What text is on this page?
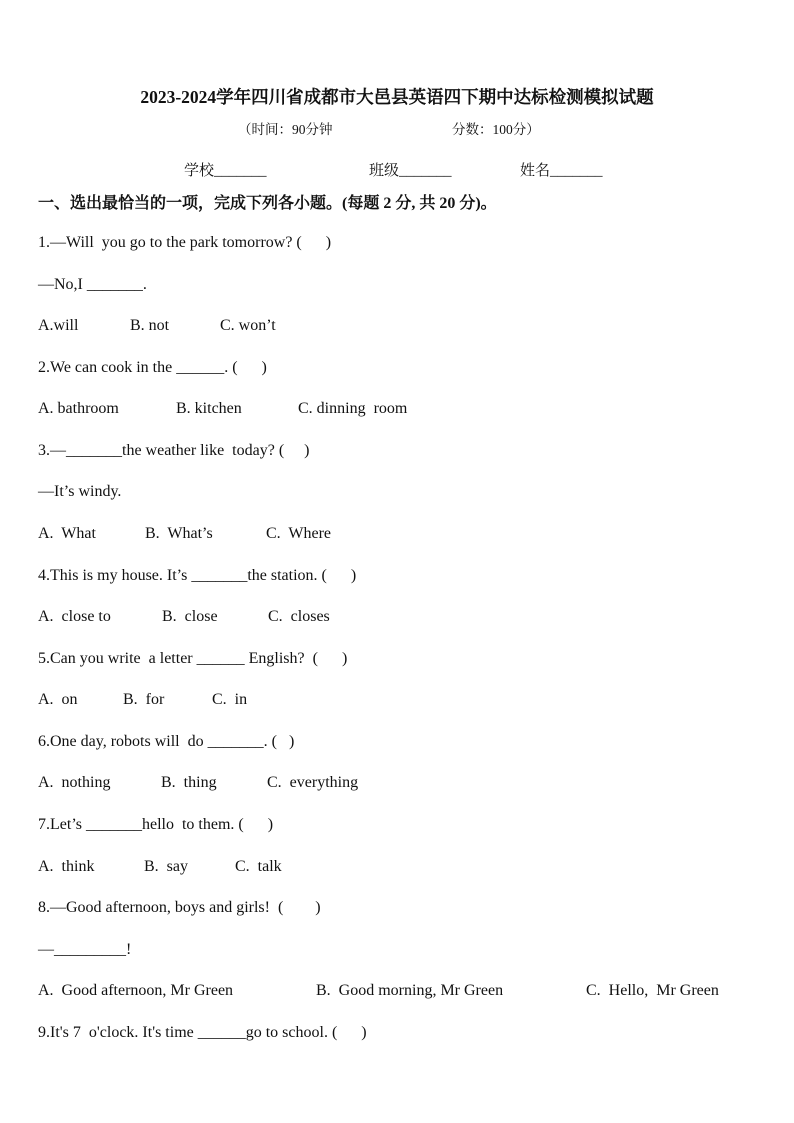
2023-2024学年四川省成都市大邑县英语四下期中达标检测模拟试题
（时间：90分钟	分数：100分）
学校_______	班级_______	姓名_______
一、选出最恰当的一项，完成下列各小题。(每题 2 分, 共 20 分)。
1.—Will  you go to the park tomorrow? (      )
—No,I _______.
A.will	B. not	C. won’t
2.We can cook in the ______. (      )
A. bathroom	B. kitchen	C. dinning  room
3.—_______the weather like  today? (     )
—It’s windy.
A.  What	B.  What’s	C.  Where
4.This is my house. It’s _______the station. (      )
A.  close to	B.  close	C.  closes
5.Can you write  a letter ______ English?  (      )
A.  on	B.  for	C.  in
6.One day, robots will  do _______. (   )
A.  nothing	B.  thing	C.  everything
7.Let’s _______hello  to them. (      )
A.  think	B.  say	C.  talk
8.—Good afternoon, boys and girls!  (        )
—_________!
A.  Good afternoon, Mr Green	B.  Good morning, Mr Green	C.  Hello,  Mr Green
9.It's 7  o'clock. It's time ______go to school. (      )
